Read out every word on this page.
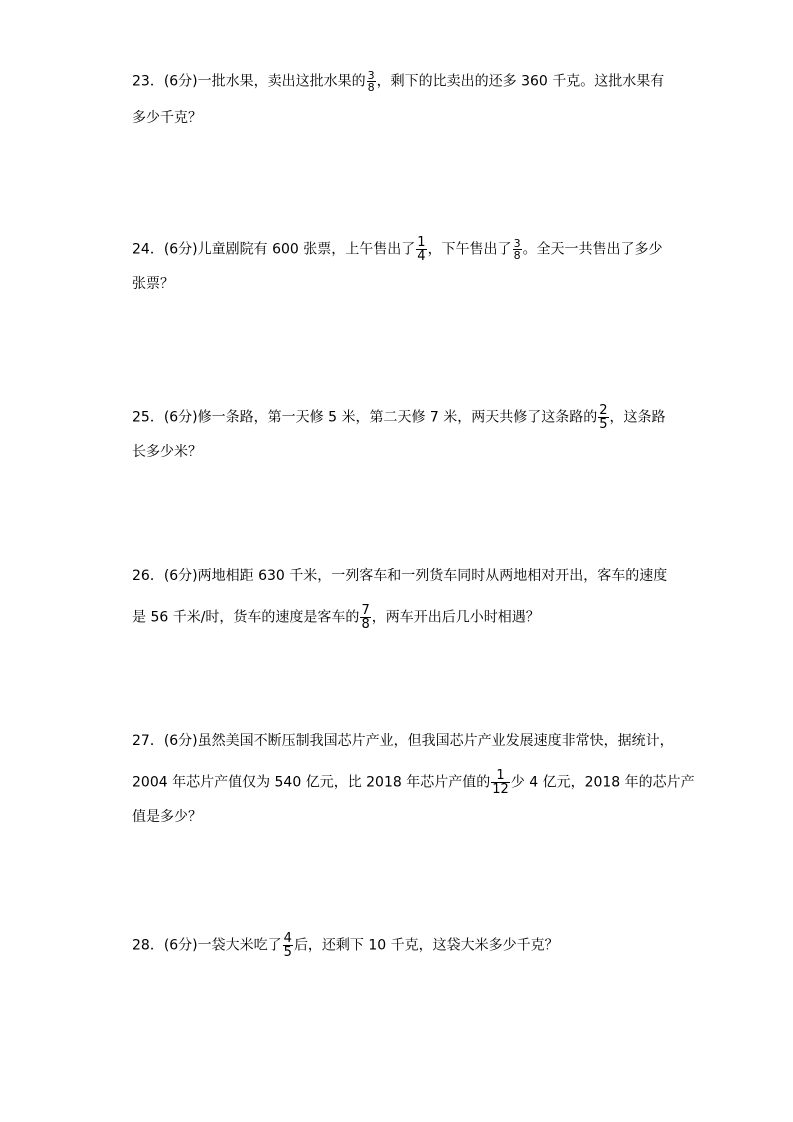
23．(6分)一批水果，卖出这批水果的 $\frac{3}{8}$ ，剩下的比卖出的还多 360 千克。这批水果有
多少千克？
24．(6分)儿童剧院有 600 张票，上午售出了 $\frac{1}{4}$ ，下午售出了 $\frac{3}{8}$ 。全天一共售出了多少
张票？
25．(6分)修一条路，第一天修 5 米，第二天修 7 米，两天共修了这条路的 $\frac{2}{5}$ ，这条路
长多少米？
26．(6分)两地相距 630 千米，一列客车和一列货车同时从两地相对开出，客车的速度
是 56 千米/时，货车的速度是客车的 $\frac{7}{8}$ ，两车开出后几小时相遇？
27．(6分)虽然美国不断压制我国芯片产业，但我国芯片产业发展速度非常快，据统计，
2004 年芯片产值仅为 540 亿元，比 2018 年芯片产值的 $\frac{1}{12}$ 少 4 亿元，2018 年的芯片产
值是多少？
28．(6分)一袋大米吃了 $\frac{4}{5}$ 后，还剩下 10 千克，这袋大米多少千克？
